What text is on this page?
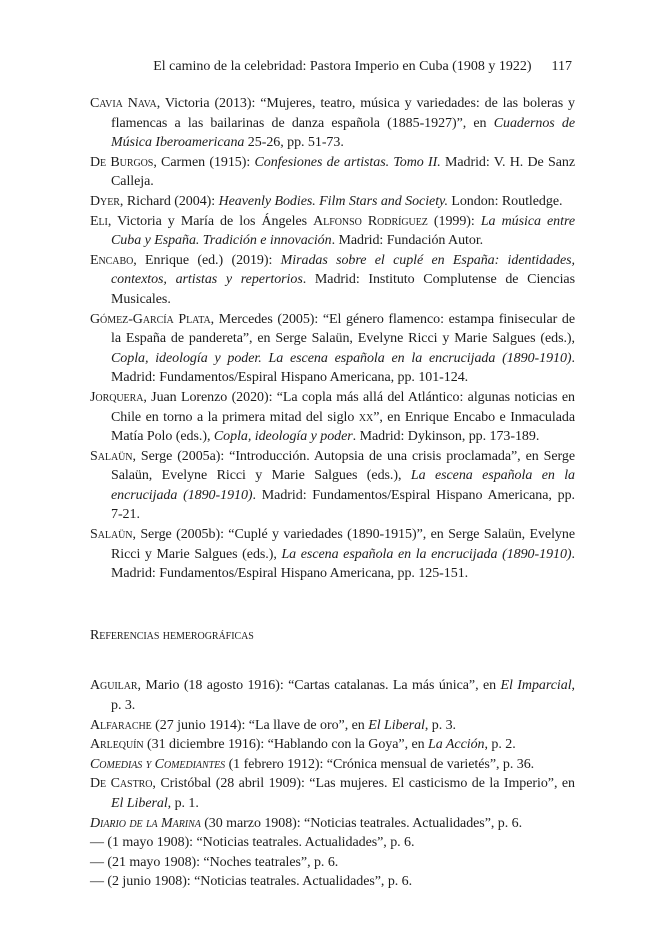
El camino de la celebridad: Pastora Imperio en Cuba (1908 y 1922) 117

Cavia Nava, Victoria (2013): “Mujeres, teatro, música y variedades: de las boleras y flamencas a las bailarinas de danza española (1885-1927)”, en Cuadernos de Música Iberoamericana 25-26, pp. 51-73.

De Burgos, Carmen (1915): Confesiones de artistas. Tomo II. Madrid: V. H. De Sanz Calleja.

Dyer, Richard (2004): Heavenly Bodies. Film Stars and Society. London: Routledge.

Eli, Victoria y María de los Ángeles Alfonso Rodríguez (1999): La música entre Cuba y España. Tradición e innovación. Madrid: Fundación Autor.

Encabo, Enrique (ed.) (2019): Miradas sobre el cuplé en España: identidades, contextos, artistas y repertorios. Madrid: Instituto Complutense de Ciencias Musicales.

Gómez-García Plata, Mercedes (2005): “El género flamenco: estampa finisecular de la España de pandereta”, en Serge Salaün, Evelyne Ricci y Marie Salgues (eds.), Copla, ideología y poder. La escena española en la encrucijada (1890-1910). Madrid: Fundamentos/Espiral Hispano Americana, pp. 101-124.

Jorquera, Juan Lorenzo (2020): “La copla más allá del Atlántico: algunas noticias en Chile en torno a la primera mitad del siglo xx”, en Enrique Encabo e Inmaculada Matía Polo (eds.), Copla, ideología y poder. Madrid: Dykinson, pp. 173-189.

Salaün, Serge (2005a): “Introducción. Autopsia de una crisis proclamada”, en Serge Salaün, Evelyne Ricci y Marie Salgues (eds.), La escena española en la encrucijada (1890-1910). Madrid: Fundamentos/Espiral Hispano Americana, pp. 7-21.

Salaün, Serge (2005b): “Cuplé y variedades (1890-1915)”, en Serge Salaün, Evelyne Ricci y Marie Salgues (eds.), La escena española en la encrucijada (1890-1910). Madrid: Fundamentos/Espiral Hispano Americana, pp. 125-151.

Referencias hemerográficas

Aguilar, Mario (18 agosto 1916): “Cartas catalanas. La más única”, en El Imparcial, p. 3.

Alfarache (27 junio 1914): “La llave de oro”, en El Liberal, p. 3.

Arlequín (31 diciembre 1916): “Hablando con la Goya”, en La Acción, p. 2.

Comedias y Comediantes (1 febrero 1912): “Crónica mensual de varietés”, p. 36.

De Castro, Cristóbal (28 abril 1909): “Las mujeres. El casticismo de la Imperio”, en El Liberal, p. 1.

Diario de la Marina (30 marzo 1908): “Noticias teatrales. Actualidades”, p. 6.

— (1 mayo 1908): “Noticias teatrales. Actualidades”, p. 6.

— (21 mayo 1908): “Noches teatrales”, p. 6.

— (2 junio 1908): “Noticias teatrales. Actualidades”, p. 6.
